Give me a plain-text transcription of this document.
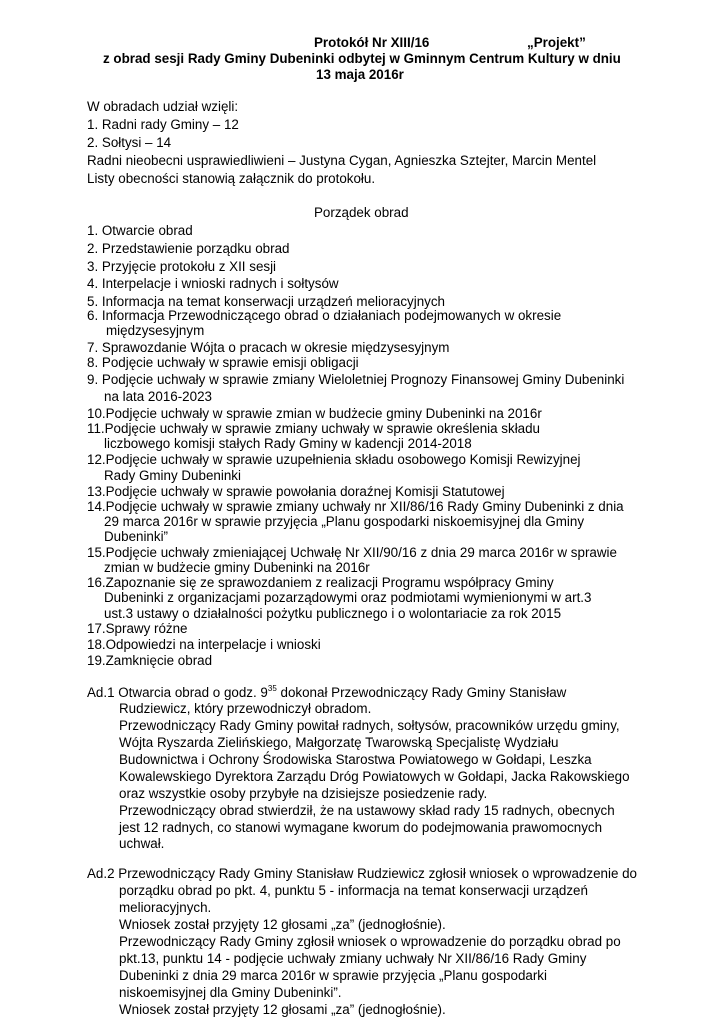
Protokół Nr XIII/16	„Projekt”

z obrad sesji Rady Gminy Dubeninki odbytej w Gminnym Centrum Kultury w dniu

13 maja 2016r

W obradach udział wzięli:

1. Radni rady Gminy – 12

2. Sołtysi – 14

Radni nieobecni usprawiedliwieni – Justyna Cygan, Agnieszka Sztejter, Marcin Mentel

Listy obecności stanowią załącznik do protokołu.

Porządek obrad

1. Otwarcie obrad

2. Przedstawienie porządku obrad

3. Przyjęcie protokołu z XII sesji

4. Interpelacje i wnioski radnych i sołtysów

5. Informacja na temat konserwacji urządzeń melioracyjnych

6. Informacja Przewodniczącego obrad o działaniach podejmowanych w okresie

międzysesyjnym

7. Sprawozdanie Wójta o pracach w okresie międzysesyjnym

8. Podjęcie uchwały w sprawie emisji obligacji

9. Podjęcie uchwały w sprawie zmiany Wieloletniej Prognozy Finansowej Gminy Dubeninki

na lata 2016-2023

10.Podjęcie uchwały w sprawie zmian w budżecie gminy Dubeninki na 2016r

11.Podjęcie uchwały w sprawie zmiany uchwały w sprawie określenia składu

liczbowego komisji stałych Rady Gminy w kadencji 2014-2018

12.Podjęcie uchwały w sprawie uzupełnienia składu osobowego Komisji Rewizyjnej

Rady Gminy Dubeninki

13.Podjęcie uchwały w sprawie powołania doraźnej Komisji Statutowej

14.Podjęcie uchwały w sprawie zmiany uchwały nr XII/86/16 Rady Gminy Dubeninki z dnia

29 marca 2016r w sprawie przyjęcia „Planu gospodarki niskoemisyjnej dla Gminy

Dubeninki”

15.Podjęcie uchwały zmieniającej Uchwałę Nr XII/90/16 z dnia 29 marca 2016r w sprawie

zmian w budżecie gminy Dubeninki na 2016r

16.Zapoznanie się ze sprawozdaniem z realizacji Programu współpracy Gminy

Dubeninki z organizacjami pozarządowymi oraz podmiotami wymienionymi w art.3

ust.3 ustawy o działalności pożytku publicznego i o wolontariacie za rok 2015

17.Sprawy różne

18.Odpowiedzi na interpelacje i wnioski

19.Zamknięcie obrad

Ad.1 Otwarcia obrad o godz. $9^{35}$ dokonał Przewodniczący Rady Gminy Stanisław

Rudziewicz, który przewodniczył obradom.

Przewodniczący Rady Gminy powitał radnych, sołtysów, pracowników urzędu gminy,

Wójta Ryszarda Zielińskiego, Małgorzatę Twarowską Specjalistę Wydziału

Budownictwa i Ochrony Środowiska Starostwa Powiatowego w Gołdapi, Leszka

Kowalewskiego Dyrektora Zarządu Dróg Powiatowych w Gołdapi, Jacka Rakowskiego

oraz wszystkie osoby przybyłe na dzisiejsze posiedzenie rady.

Przewodniczący obrad stwierdził, że na ustawowy skład rady 15 radnych, obecnych

jest 12 radnych, co stanowi wymagane kworum do podejmowania prawomocnych

uchwał.

Ad.2 Przewodniczący Rady Gminy Stanisław Rudziewicz zgłosił wniosek o wprowadzenie do

porządku obrad po pkt. 4, punktu 5 - informacja na temat konserwacji urządzeń

melioracyjnych.

Wniosek został przyjęty 12 głosami „za” (jednogłośnie).

Przewodniczący Rady Gminy zgłosił wniosek o wprowadzenie do porządku obrad po

pkt.13, punktu 14 - podjęcie uchwały zmiany uchwały Nr XII/86/16 Rady Gminy

Dubeninki z dnia 29 marca 2016r w sprawie przyjęcia „Planu gospodarki

niskoemisyjnej dla Gminy Dubeninki”.

Wniosek został przyjęty 12 głosami „za” (jednogłośnie).
